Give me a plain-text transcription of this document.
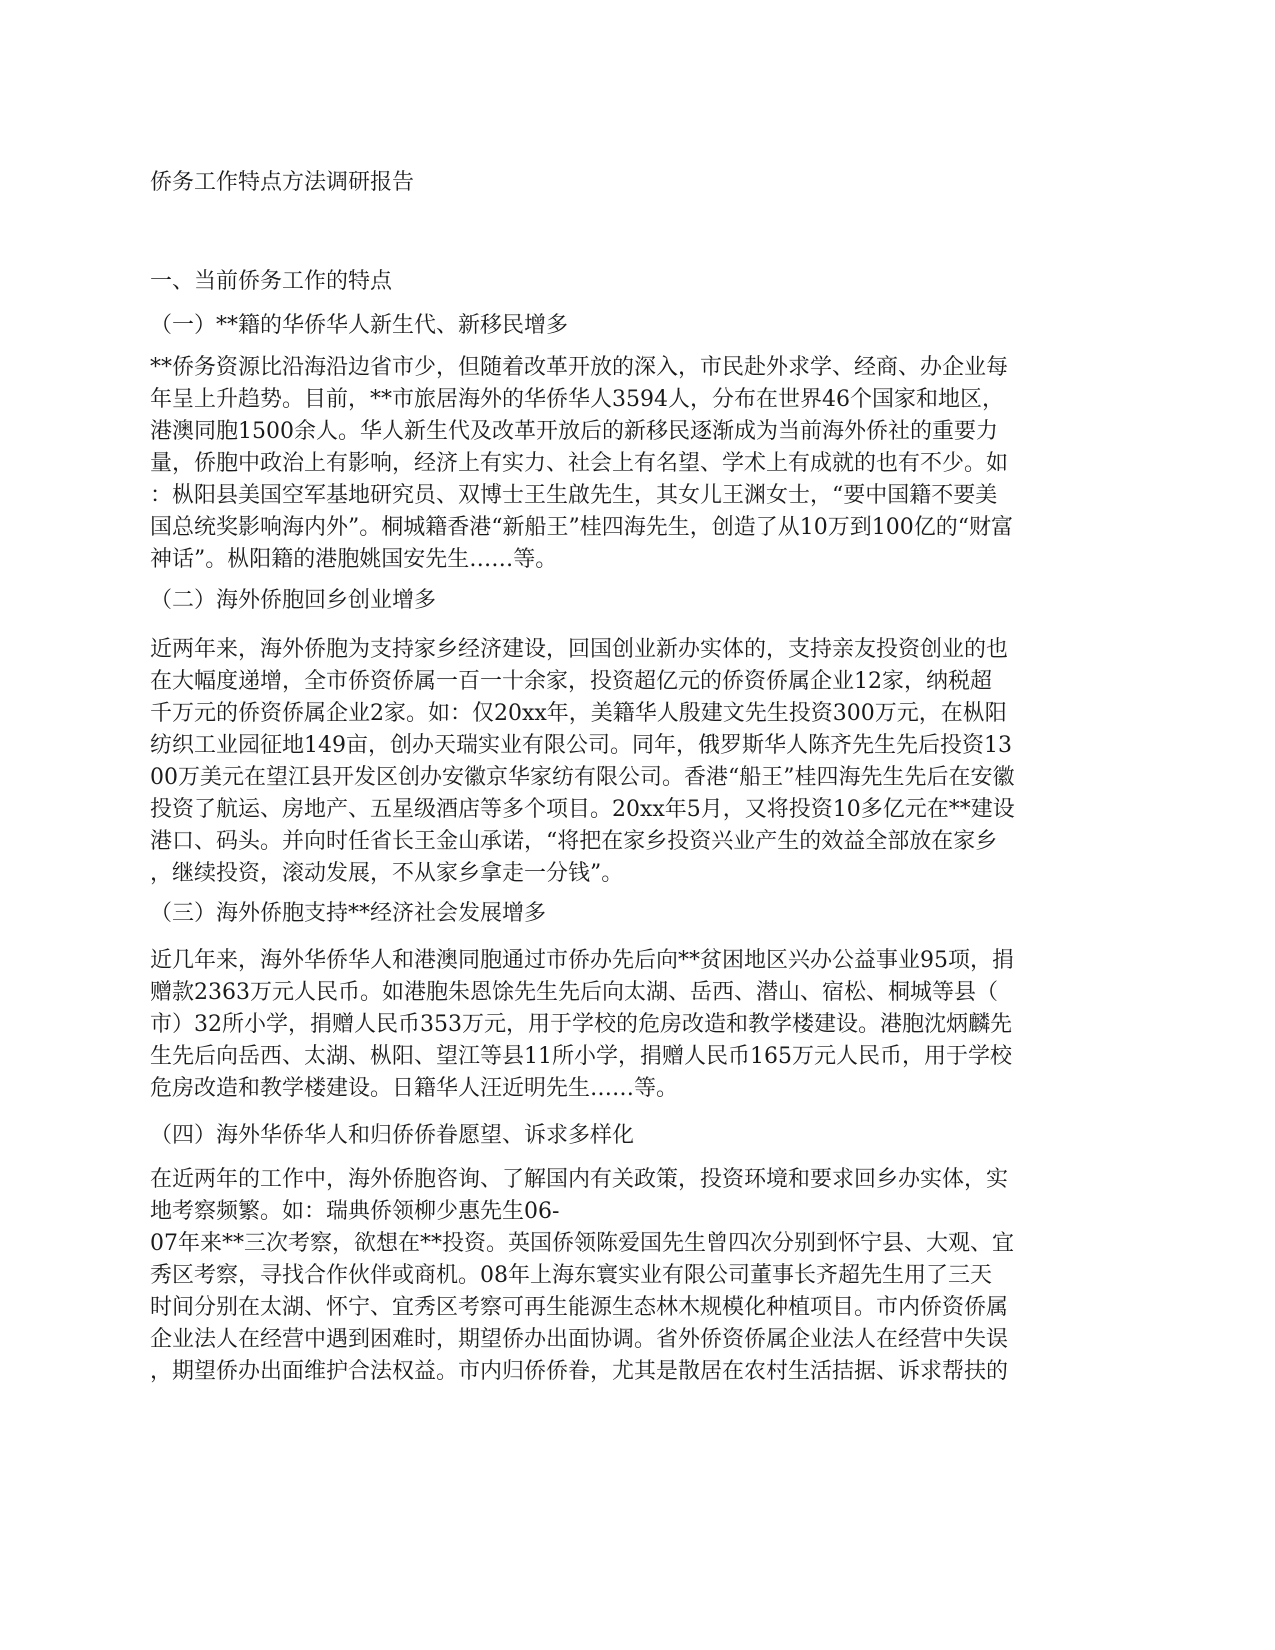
侨务工作特点方法调研报告
一、当前侨务工作的特点
（一）**籍的华侨华人新生代、新移民增多
**侨务资源比沿海沿边省市少，但随着改革开放的深入，市民赴外求学、经商、办企业每
年呈上升趋势。目前，**市旅居海外的华侨华人3594人，分布在世界46个国家和地区，
港澳同胞1500余人。华人新生代及改革开放后的新移民逐渐成为当前海外侨社的重要力
量，侨胞中政治上有影响，经济上有实力、社会上有名望、学术上有成就的也有不少。如
：枞阳县美国空军基地研究员、双博士王生啟先生，其女儿王渊女士，“要中国籍不要美
国总统奖影响海内外”。桐城籍香港“新船王”桂四海先生，创造了从10万到100亿的“财富
神话”。枞阳籍的港胞姚国安先生……等。
（二）海外侨胞回乡创业增多
近两年来，海外侨胞为支持家乡经济建设，回国创业新办实体的，支持亲友投资创业的也
在大幅度递增，全市侨资侨属一百一十余家，投资超亿元的侨资侨属企业12家，纳税超
千万元的侨资侨属企业2家。如：仅20xx年，美籍华人殷建文先生投资300万元，在枞阳
纺织工业园征地149亩，创办天瑞实业有限公司。同年，俄罗斯华人陈齐先生先后投资13
00万美元在望江县开发区创办安徽京华家纺有限公司。香港“船王”桂四海先生先后在安徽
投资了航运、房地产、五星级酒店等多个项目。20xx年5月，又将投资10多亿元在**建设
港口、码头。并向时任省长王金山承诺，“将把在家乡投资兴业产生的效益全部放在家乡
，继续投资，滚动发展，不从家乡拿走一分钱”。
（三）海外侨胞支持**经济社会发展增多
近几年来，海外华侨华人和港澳同胞通过市侨办先后向**贫困地区兴办公益事业95项，捐
赠款2363万元人民币。如港胞朱恩馀先生先后向太湖、岳西、潜山、宿松、桐城等县（
市）32所小学，捐赠人民币353万元，用于学校的危房改造和教学楼建设。港胞沈炳麟先
生先后向岳西、太湖、枞阳、望江等县11所小学，捐赠人民币165万元人民币，用于学校
危房改造和教学楼建设。日籍华人汪近明先生……等。
（四）海外华侨华人和归侨侨眷愿望、诉求多样化
在近两年的工作中，海外侨胞咨询、了解国内有关政策，投资环境和要求回乡办实体，实
地考察频繁。如：瑞典侨领柳少惠先生06-
07年来**三次考察，欲想在**投资。英国侨领陈爱国先生曾四次分别到怀宁县、大观、宜
秀区考察，寻找合作伙伴或商机。08年上海东寰实业有限公司董事长齐超先生用了三天
时间分别在太湖、怀宁、宜秀区考察可再生能源生态林木规模化种植项目。市内侨资侨属
企业法人在经营中遇到困难时，期望侨办出面协调。省外侨资侨属企业法人在经营中失误
，期望侨办出面维护合法权益。市内归侨侨眷，尤其是散居在农村生活拮据、诉求帮扶的
